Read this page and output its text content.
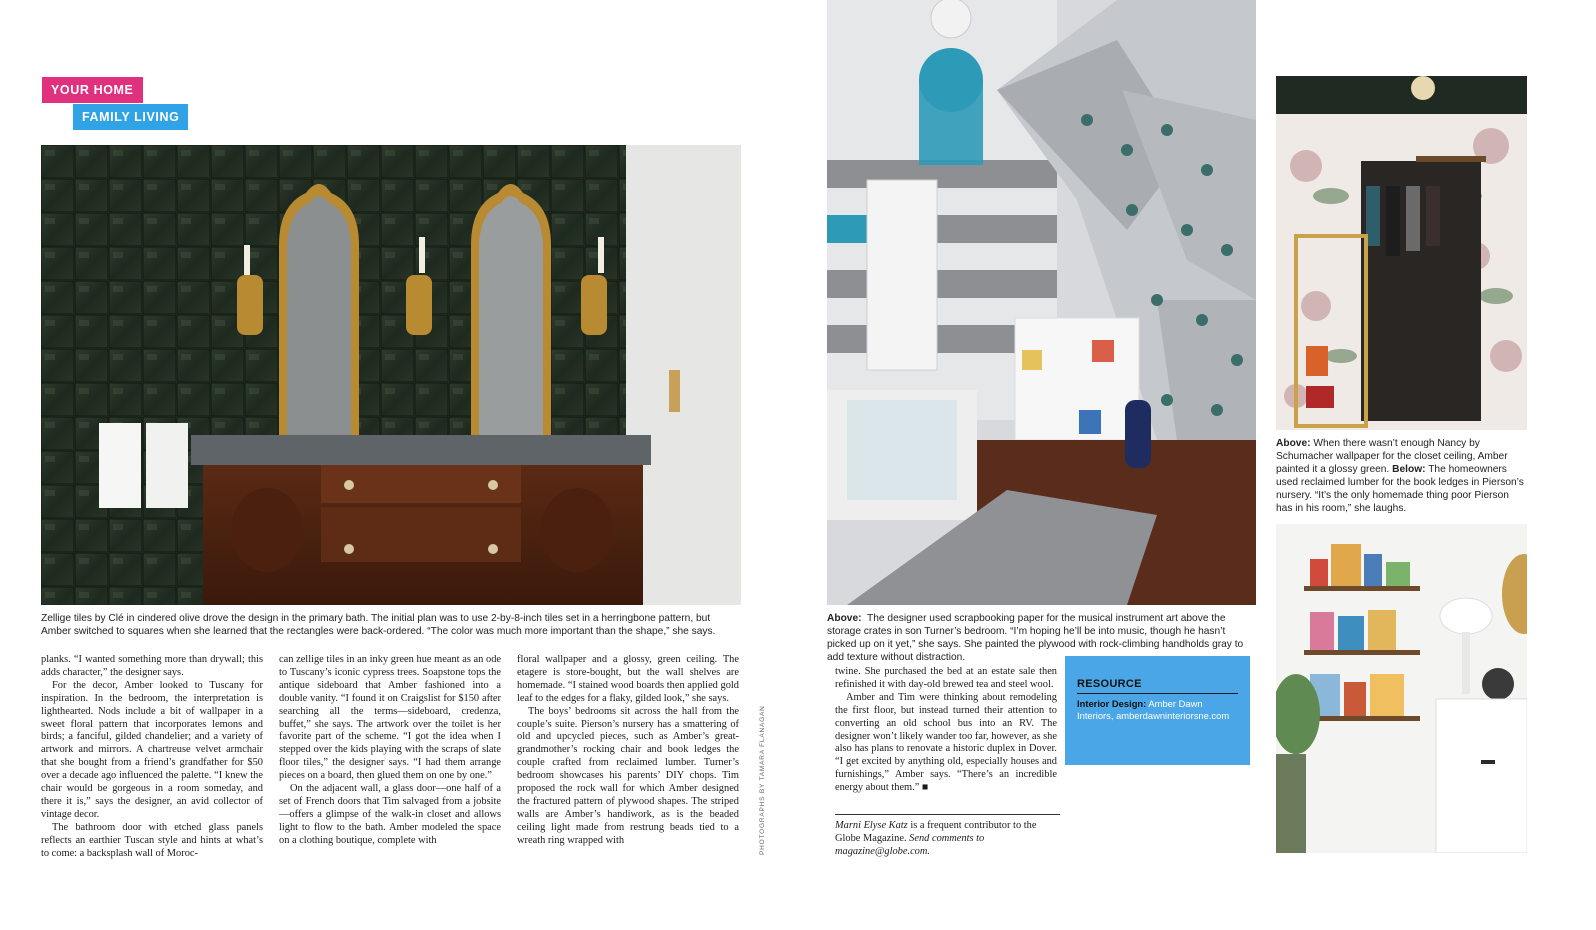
YOUR HOME
FAMILY LIVING
Zellige tiles by Clé in cindered olive drove the design in the primary bath. The initial plan was to use 2-by-8-inch tiles set in a herringbone pattern, but Amber switched to squares when she learned that the rectangles were back-ordered. “The color was much more important than the shape,” she says.

planks. “I wanted something more than drywall; this adds character,” the designer says.

For the decor, Amber looked to Tuscany for inspiration. In the bedroom, the interpretation is lighthearted. Nods include a bit of wallpaper in a sweet floral pattern that incorporates lemons and birds; a fanciful, gilded chandelier; and a variety of artwork and mirrors. A chartreuse velvet armchair that she bought from a friend’s grandfather for $50 over a decade ago influenced the palette. “I knew the chair would be gorgeous in a room someday, and there it is,” says the designer, an avid collector of vintage decor.

The bathroom door with etched glass panels reflects an earthier Tuscan style and hints at what’s to come: a backsplash wall of Moroc-

can zellige tiles in an inky green hue meant as an ode to Tuscany’s iconic cypress trees. Soapstone tops the antique sideboard that Amber fashioned into a double vanity. “I found it on Craigslist for $150 after searching all the terms—sideboard, credenza, buffet,” she says. The artwork over the toilet is her favorite part of the scheme. “I got the idea when I stepped over the kids playing with the scraps of slate floor tiles,” the designer says. “I had them arrange pieces on a board, then glued them on one by one.”

On the adjacent wall, a glass door—one half of a set of French doors that Tim salvaged from a jobsite—offers a glimpse of the walk-in closet and allows light to flow to the bath. Amber modeled the space on a clothing boutique, complete with

floral wallpaper and a glossy, green ceiling. The etagere is store-bought, but the wall shelves are homemade. “I stained wood boards then applied gold leaf to the edges for a flaky, gilded look,” she says.

The boys’ bedrooms sit across the hall from the couple’s suite. Pierson’s nursery has a smattering of old and upcycled pieces, such as Amber’s great-grandmother’s rocking chair and book ledges the couple crafted from reclaimed lumber. Turner’s bedroom showcases his parents’ DIY chops. Tim proposed the rock wall for which Amber designed the fractured pattern of plywood shapes. The striped walls are Amber’s handiwork, as is the beaded ceiling light made from restrung beads tied to a wreath ring wrapped with	PHOTOGRAPHS BY TAMARA FLANAGAN
Above: The designer used scrapbooking paper for the musical instrument art above the storage crates in son Turner’s bedroom. “I’m hoping he’ll be into music, though he hasn’t picked up on it yet,” she says. She painted the plywood with rock-climbing handholds gray to add texture without distraction.

twine. She purchased the bed at an estate sale then refinished it with day-old brewed tea and steel wool.

Amber and Tim were thinking about remodeling the first floor, but instead turned their attention to converting an old school bus into an RV. The designer won’t likely wander too far, however, as she also has plans to renovate a historic duplex in Dover. “I get excited by anything old, especially houses and furnishings,” Amber says. “There’s an incredible energy about them.” ■

Marni Elyse Katz is a frequent contributor to the Globe Magazine. Send comments to magazine@globe.com.
RESOURCE
Interior Design: Amber Dawn Interiors, amberdawninteriorsne.com
Above: When there wasn’t enough Nancy by Schumacher wallpaper for the closet ceiling, Amber painted it a glossy green. Below: The homeowners used reclaimed lumber for the book ledges in Pierson’s nursery. “It’s the only homemade thing poor Pierson has in his room,” she laughs.
